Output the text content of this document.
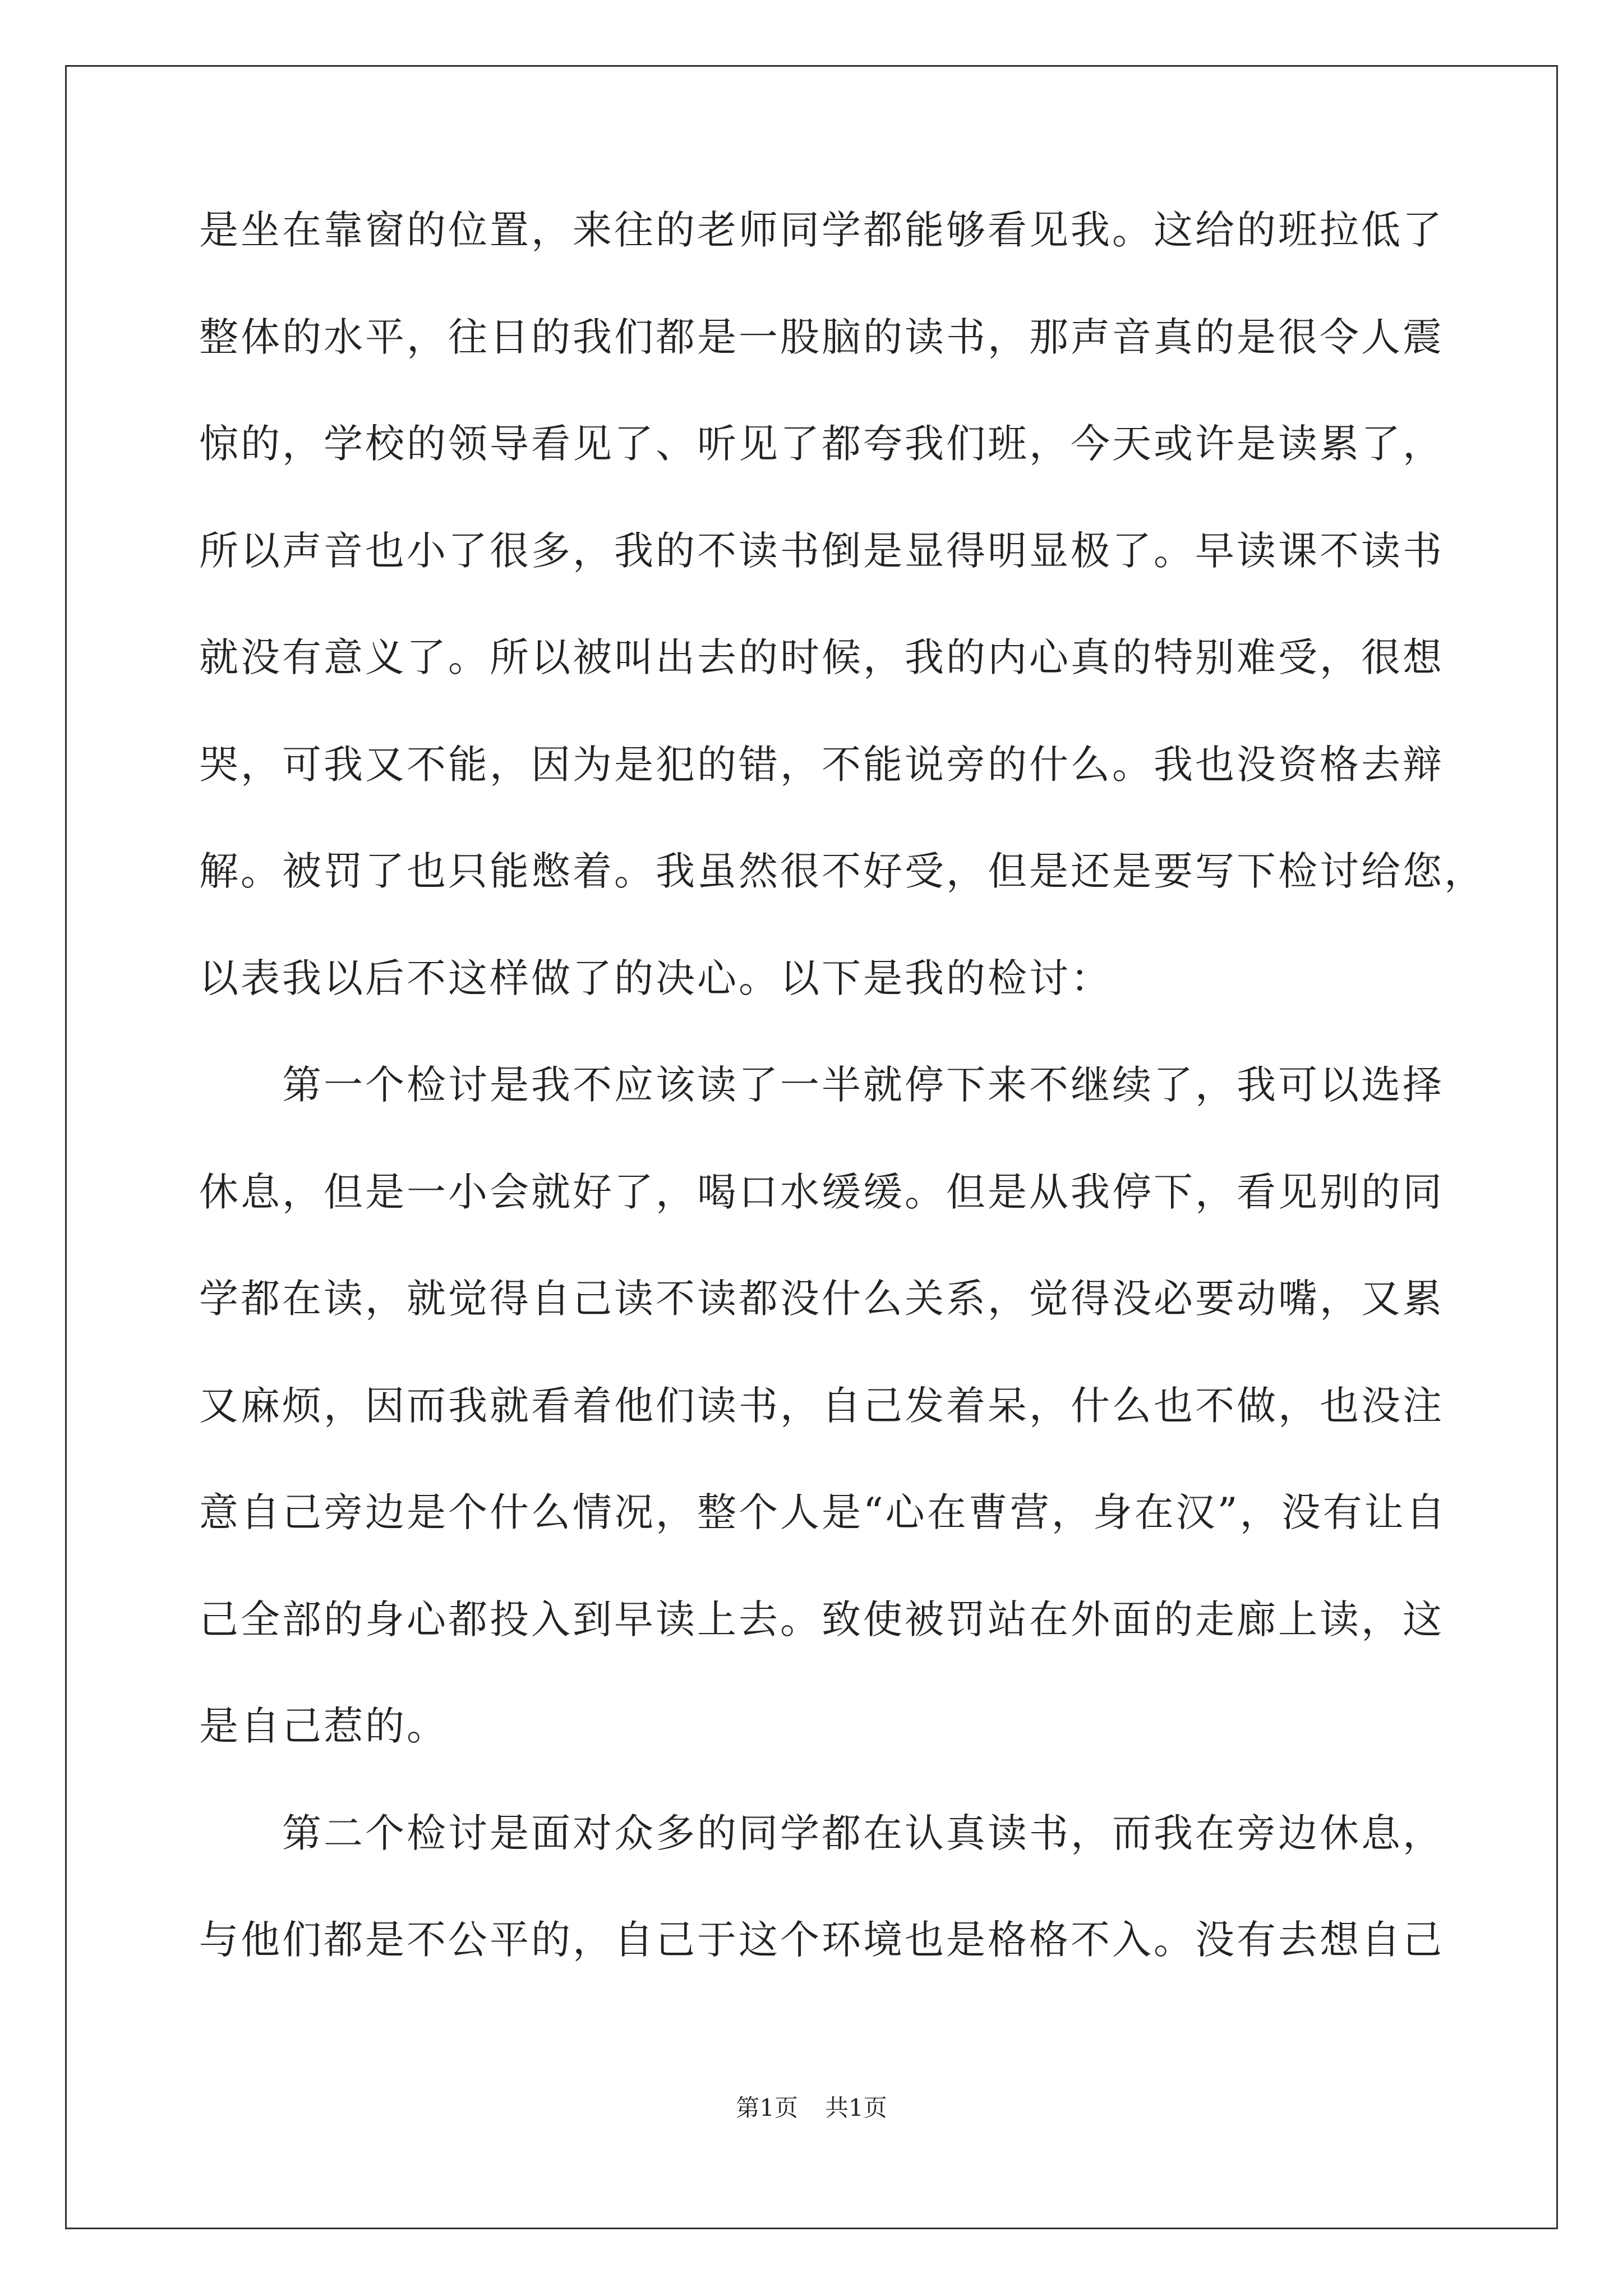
是坐在靠窗的位置，来往的老师同学都能够看见我。这给的班拉低了
整体的水平，往日的我们都是一股脑的读书，那声音真的是很令人震
惊的，学校的领导看见了、听见了都夸我们班，今天或许是读累了，
所以声音也小了很多，我的不读书倒是显得明显极了。早读课不读书
就没有意义了。所以被叫出去的时候，我的内心真的特别难受，很想
哭，可我又不能，因为是犯的错，不能说旁的什么。我也没资格去辩
解。被罚了也只能憋着。我虽然很不好受，但是还是要写下检讨给您，
以表我以后不这样做了的决心。以下是我的检讨：
第一个检讨是我不应该读了一半就停下来不继续了，我可以选择
休息，但是一小会就好了，喝口水缓缓。但是从我停下，看见别的同
学都在读，就觉得自己读不读都没什么关系，觉得没必要动嘴，又累
又麻烦，因而我就看着他们读书，自己发着呆，什么也不做，也没注
意自己旁边是个什么情况，整个人是“心在曹营，身在汉”，没有让自
己全部的身心都投入到早读上去。致使被罚站在外面的走廊上读，这
是自己惹的。
第二个检讨是面对众多的同学都在认真读书，而我在旁边休息，
与他们都是不公平的，自己于这个环境也是格格不入。没有去想自己
第1页 共1页
